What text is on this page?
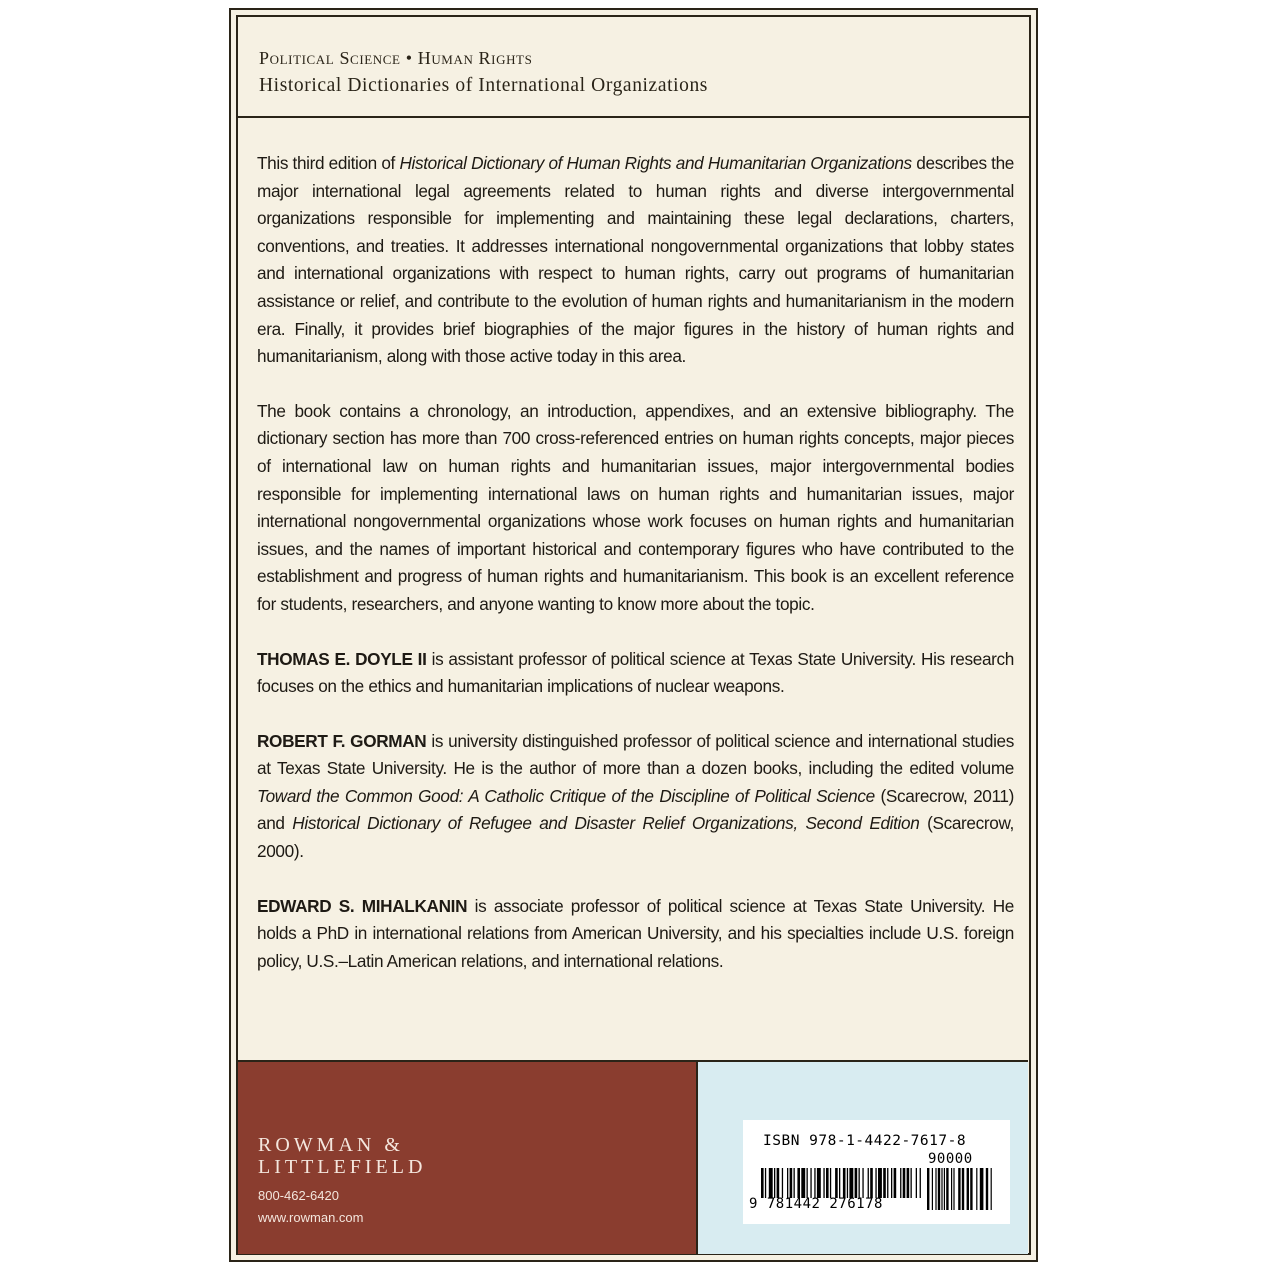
Political Science • Human Rights
Historical Dictionaries of International Organizations

This third edition of Historical Dictionary of Human Rights and Humanitarian Organizations describes the major international legal agreements related to human rights and diverse intergovernmental organizations responsible for implementing and maintaining these legal declarations, charters, conventions, and treaties. It addresses international nongovernmental organizations that lobby states and international organizations with respect to human rights, carry out programs of humanitarian assistance or relief, and contribute to the evolution of human rights and humanitarianism in the modern era. Finally, it provides brief biographies of the major figures in the history of human rights and humanitarianism, along with those active today in this area.

The book contains a chronology, an introduction, appendixes, and an extensive bibliography. The dictionary section has more than 700 cross-referenced entries on human rights concepts, major pieces of international law on human rights and humanitarian issues, major intergovernmental bodies responsible for implementing international laws on human rights and humanitarian issues, major international nongovernmental organizations whose work focuses on human rights and humanitarian issues, and the names of important historical and contemporary figures who have contributed to the establishment and progress of human rights and humanitarianism. This book is an excellent reference for students, researchers, and anyone wanting to know more about the topic.

THOMAS E. DOYLE II is assistant professor of political science at Texas State University. His research focuses on the ethics and humanitarian implications of nuclear weapons.

ROBERT F. GORMAN is university distinguished professor of political science and international studies at Texas State University. He is the author of more than a dozen books, including the edited volume Toward the Common Good: A Catholic Critique of the Discipline of Political Science (Scarecrow, 2011) and Historical Dictionary of Refugee and Disaster Relief Organizations, Second Edition (Scarecrow, 2000).

EDWARD S. MIHALKANIN is associate professor of political science at Texas State University. He holds a PhD in international relations from American University, and his specialties include U.S. foreign policy, U.S.–Latin American relations, and international relations.

ROWMAN &
LITTLEFIELD
800-462-6420
www.rowman.com
ISBN 978-1-4422-7617-8
90000
9 781442 276178
